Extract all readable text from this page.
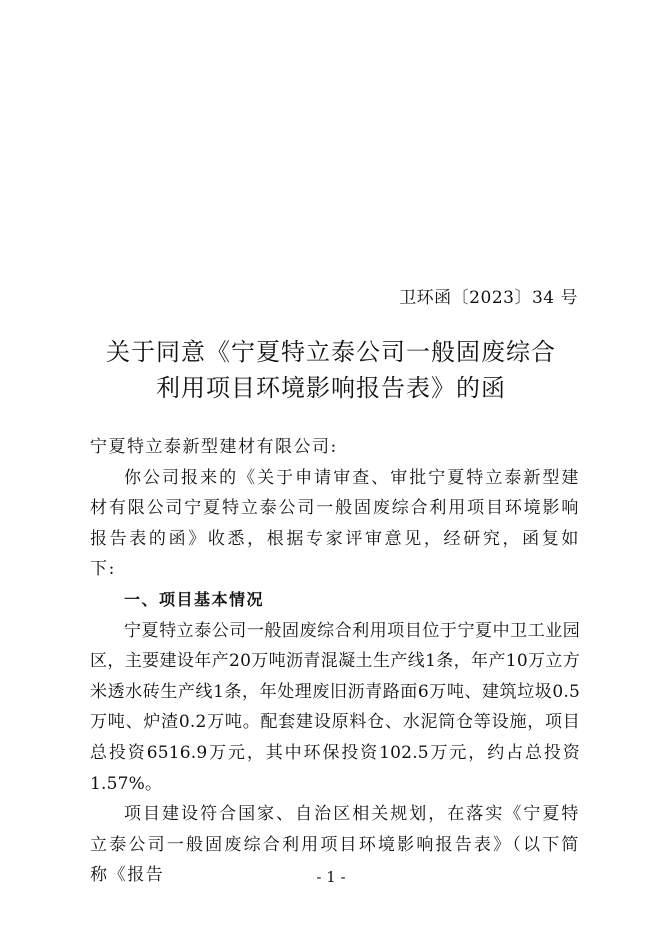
卫环函〔2023〕34 号
关于同意《宁夏特立泰公司一般固废综合
利用项目环境影响报告表》的函
宁夏特立泰新型建材有限公司:
你公司报来的《关于申请审查、审批宁夏特立泰新型建材有限公司宁夏特立泰公司一般固废综合利用项目环境影响报告表的函》收悉，根据专家评审意见，经研究，函复如下:
一、项目基本情况
宁夏特立泰公司一般固废综合利用项目位于宁夏中卫工业园区，主要建设年产20万吨沥青混凝土生产线1条，年产10万立方米透水砖生产线1条，年处理废旧沥青路面6万吨、建筑垃圾0.5万吨、炉渣0.2万吨。配套建设原料仓、水泥筒仓等设施，项目总投资6516.9万元，其中环保投资102.5万元，约占总投资1.57%。
项目建设符合国家、自治区相关规划，在落实《宁夏特立泰公司一般固废综合利用项目环境影响报告表》（以下简称《报告	- 1 -
